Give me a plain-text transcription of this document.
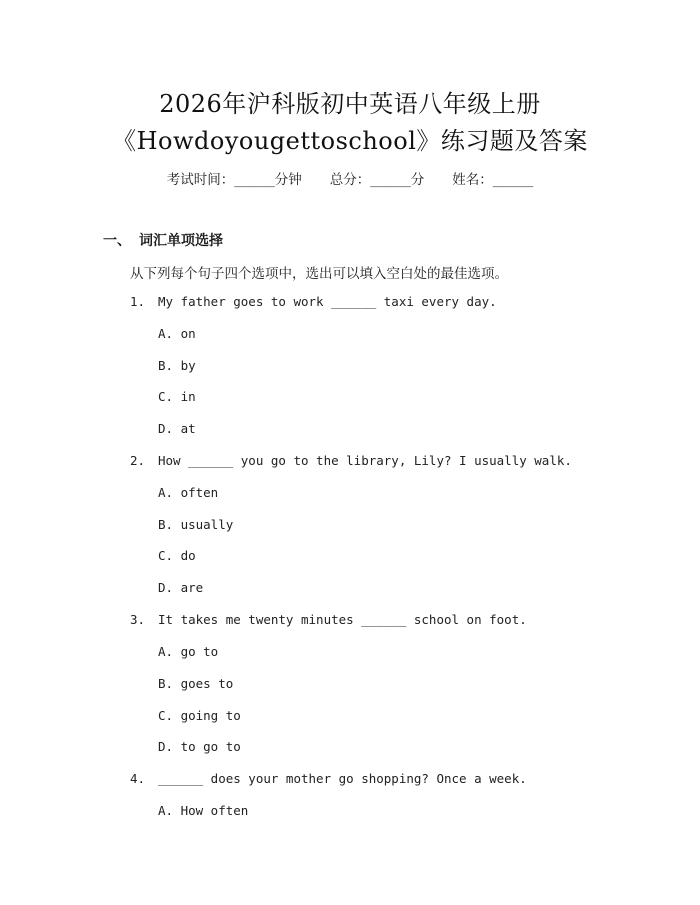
2026年沪科版初中英语八年级上册
《Howdoyougettoschool》练习题及答案
考试时间：______分钟 总分：______分 姓名：______
一、 词汇单项选择
从下列每个句子四个选项中，选出可以填入空白处的最佳选项。
1. My father goes to work ______ taxi every day.
A. on
B. by
C. in
D. at
2. How ______ you go to the library, Lily? I usually walk.
A. often
B. usually
C. do
D. are
3. It takes me twenty minutes ______ school on foot.
A. go to
B. goes to
C. going to
D. to go to
4. ______ does your mother go shopping? Once a week.
A. How often
